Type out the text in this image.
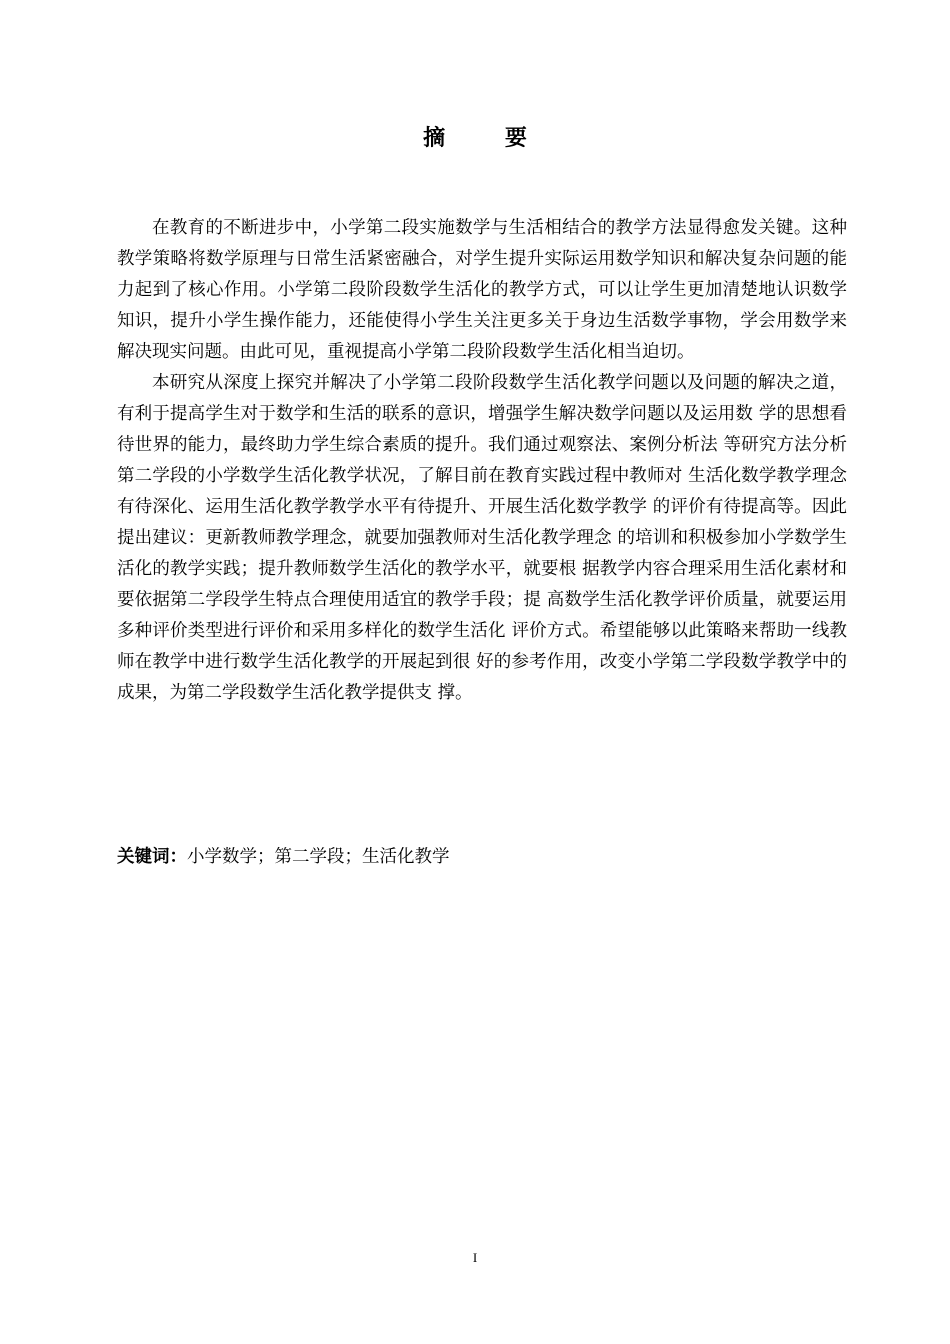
摘 要

在教育的不断进步中，小学第二段实施数学与生活相结合的教学方法显得愈发关键。这种教学策略将数学原理与日常生活紧密融合，对学生提升实际运用数学知识和解决复杂问题的能力起到了核心作用。小学第二段阶段数学生活化的教学方式，可以让学生更加清楚地认识数学知识，提升小学生操作能力，还能使得小学生关注更多关于身边生活数学事物，学会用数学来解决现实问题。由此可见，重视提高小学第二段阶段数学生活化相当迫切。

本研究从深度上探究并解决了小学第二段阶段数学生活化教学问题以及问题的解决之道，有利于提高学生对于数学和生活的联系的意识，增强学生解决数学问题以及运用数 学的思想看待世界的能力，最终助力学生综合素质的提升。我们通过观察法、案例分析法 等研究方法分析第二学段的小学数学生活化教学状况，了解目前在教育实践过程中教师对 生活化数学教学理念有待深化、运用生活化教学教学水平有待提升、开展生活化数学教学 的评价有待提高等。因此提出建议：更新教师教学理念，就要加强教师对生活化教学理念 的培训和积极参加小学数学生活化的教学实践；提升教师数学生活化的教学水平，就要根 据教学内容合理采用生活化素材和要依据第二学段学生特点合理使用适宜的教学手段；提 高数学生活化教学评价质量，就要运用多种评价类型进行评价和采用多样化的数学生活化 评价方式。希望能够以此策略来帮助一线教师在教学中进行数学生活化教学的开展起到很 好的参考作用，改变小学第二学段数学教学中的成果，为第二学段数学生活化教学提供支 撑。

关键词：小学数学；第二学段；生活化教学
I
